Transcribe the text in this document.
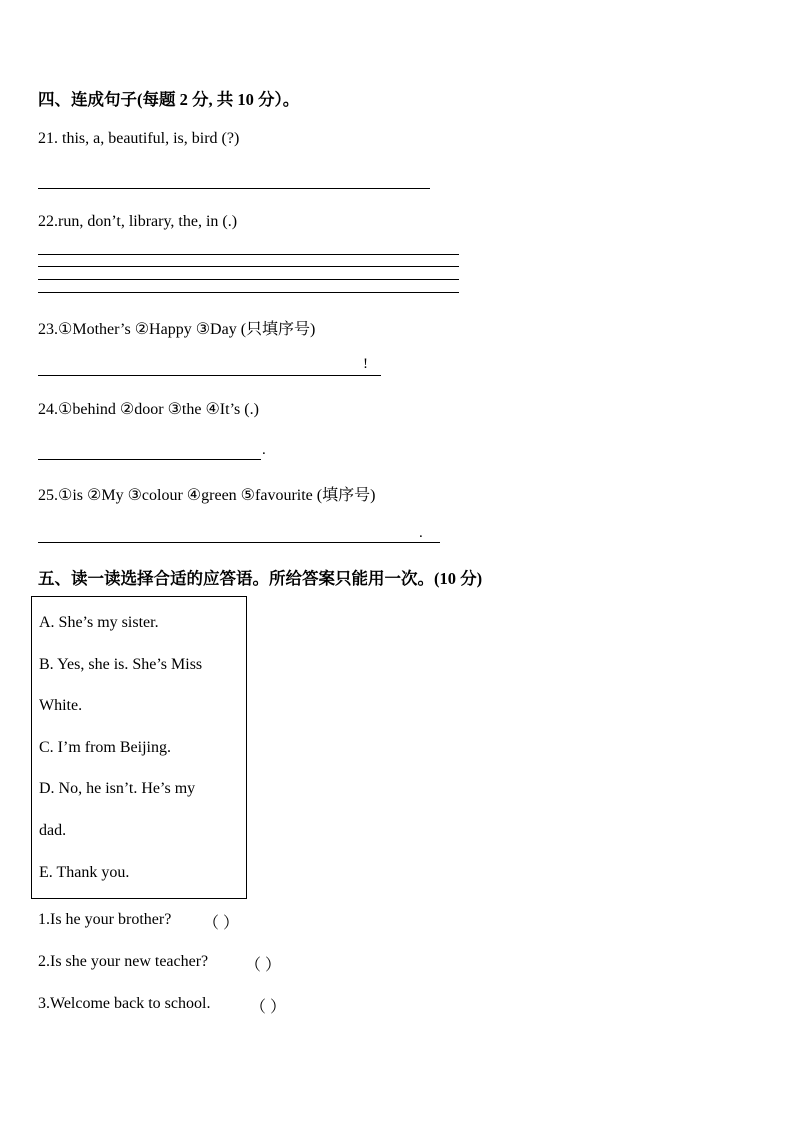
四、连成句子(每题 2 分, 共 10 分）。
21. this, a, beautiful, is, bird (?)
22.run, don’t, library, the, in (.)
23.①Mother’s ②Happy ③Day (只填序号)
!
24.①behind ②door ③the ④It’s (.)
.
25.①is ②My ③colour ④green ⑤favourite (填序号)
.
五、读一读选择合适的应答语。所给答案只能用一次。(10 分)
A. She’s my sister.
B. Yes, she is. She’s Miss
White.
C. I’m from Beijing.
D. No, he isn’t. He’s my
dad.
E. Thank you.
1.Is he your brother? （ ）
2.Is she your new teacher? （ ）
3.Welcome back to school. （ ）
